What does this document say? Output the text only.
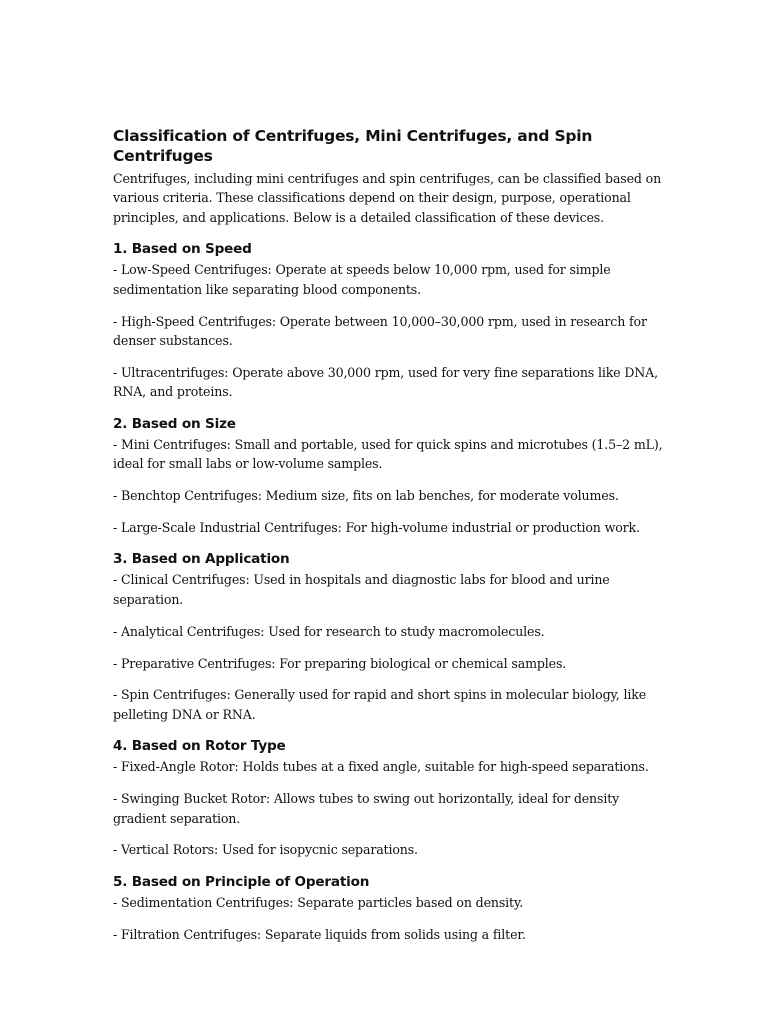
Classification of Centrifuges, Mini Centrifuges, and Spin Centrifuges

Centrifuges, including mini centrifuges and spin centrifuges, can be classified based on various criteria. These classifications depend on their design, purpose, operational principles, and applications. Below is a detailed classification of these devices.

1. Based on Speed

- Low-Speed Centrifuges: Operate at speeds below 10,000 rpm, used for simple sedimentation like separating blood components.

- High-Speed Centrifuges: Operate between 10,000–30,000 rpm, used in research for denser substances.

- Ultracentrifuges: Operate above 30,000 rpm, used for very fine separations like DNA, RNA, and proteins.

2. Based on Size

- Mini Centrifuges: Small and portable, used for quick spins and microtubes (1.5–2 mL), ideal for small labs or low-volume samples.

- Benchtop Centrifuges: Medium size, fits on lab benches, for moderate volumes.

- Large-Scale Industrial Centrifuges: For high-volume industrial or production work.

3. Based on Application

- Clinical Centrifuges: Used in hospitals and diagnostic labs for blood and urine separation.

- Analytical Centrifuges: Used for research to study macromolecules.

- Preparative Centrifuges: For preparing biological or chemical samples.

- Spin Centrifuges: Generally used for rapid and short spins in molecular biology, like pelleting DNA or RNA.

4. Based on Rotor Type

- Fixed-Angle Rotor: Holds tubes at a fixed angle, suitable for high-speed separations.

- Swinging Bucket Rotor: Allows tubes to swing out horizontally, ideal for density gradient separation.

- Vertical Rotors: Used for isopycnic separations.

5. Based on Principle of Operation

- Sedimentation Centrifuges: Separate particles based on density.

- Filtration Centrifuges: Separate liquids from solids using a filter.
